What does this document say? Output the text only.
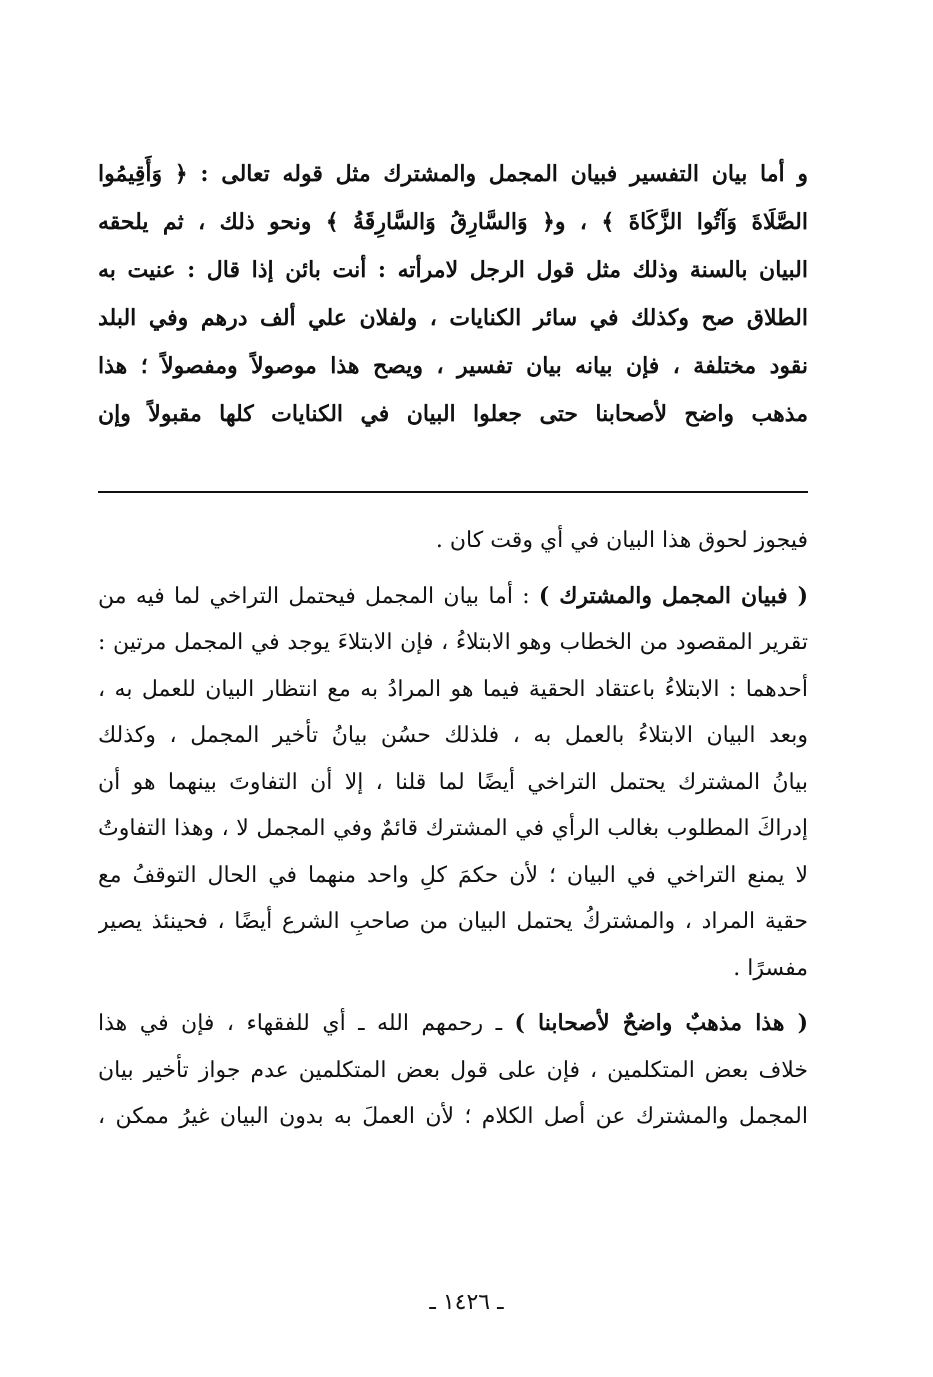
و أما بيان التفسير فبيان المجمل والمشترك مثل قوله تعالى : ﴿ وَأَقِيمُوا
الصَّلَاةَ وَآتُوا الزَّكَاةَ ﴾ ، و﴿ وَالسَّارِقُ وَالسَّارِقَةُ ﴾ ونحو ذلك ، ثم يلحقه
البيان بالسنة وذلك مثل قول الرجل لامرأته : أنت بائن إذا قال : عنيت به
الطلاق صح وكذلك في سائر الكنايات ، ولفلان علي ألف درهم وفي البلد
نقود مختلفة ، فإن بيانه بيان تفسير ، ويصح هذا موصولاً ومفصولاً ؛ هذا
مذهب واضح لأصحابنا حتى جعلوا البيان في الكنايات كلها مقبولاً وإن
فيجوز لحوق هذا البيان في أي وقت كان .
( فبيان المجمل والمشترك ) : أما بيان المجمل فيحتمل التراخي لما فيه من
تقرير المقصود من الخطاب وهو الابتلاءُ ، فإن الابتلاءَ يوجد في المجمل مرتين :
أحدهما : الابتلاءُ باعتقاد الحقية فيما هو المرادُ به مع انتظار البيان للعمل به ،
وبعد البيان الابتلاءُ بالعمل به ، فلذلك حسُن بيانُ تأخير المجمل ، وكذلك
بيانُ المشترك يحتمل التراخي أيضًا لما قلنا ، إلا أن التفاوتَ بينهما هو أن
إدراكَ المطلوب بغالب الرأي في المشترك قائمٌ وفي المجمل لا ، وهذا التفاوتُ
لا يمنع التراخي في البيان ؛ لأن حكمَ كلِ واحد منهما في الحال التوقفُ مع
حقية المراد ، والمشتركُ يحتمل البيان من صاحبِ الشرع أيضًا ، فحينئذ يصير
مفسرًا .
( هذا مذهبٌ واضحٌ لأصحابنا ) ـ رحمهم الله ـ أي للفقهاء ، فإن في هذا
خلاف بعض المتكلمين ، فإن على قول بعض المتكلمين عدم جواز تأخير بيان
المجمل والمشترك عن أصل الكلام ؛ لأن العملَ به بدون البيان غيرُ ممكن ،
ـ ١٤٢٦ ـ
